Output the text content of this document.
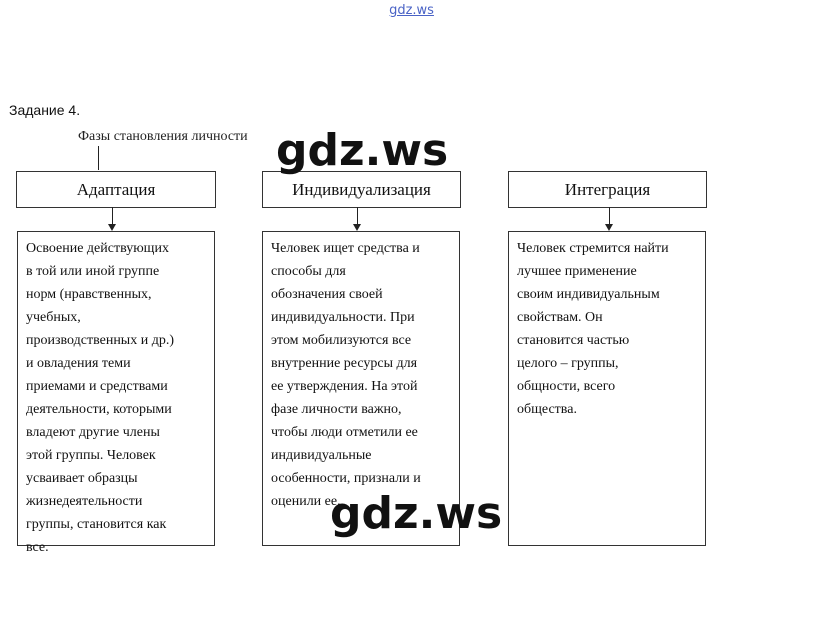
gdz.ws
Задание 4.
Фазы становления личности
Адаптация	Индивидуализация	Интеграция
Освоение действующих
в той или иной группе
норм (нравственных,
учебных,
производственных и др.)
и овладения теми
приемами и средствами
деятельности, которыми
владеют другие члены
этой группы. Человек
усваивает образцы
жизнедеятельности
группы, становится как
все.
Человек ищет средства и
способы для
обозначения своей
индивидуальности. При
этом мобилизуются все
внутренние ресурсы для
ее утверждения. На этой
фазе личности важно,
чтобы люди отметили ее
индивидуальные
особенности, признали и
оценили ее.
Человек стремится найти
лучшее применение
своим индивидуальным
свойствам. Он
становится частью
целого – группы,
общности, всего
общества.
gdz.ws
gdz.ws
